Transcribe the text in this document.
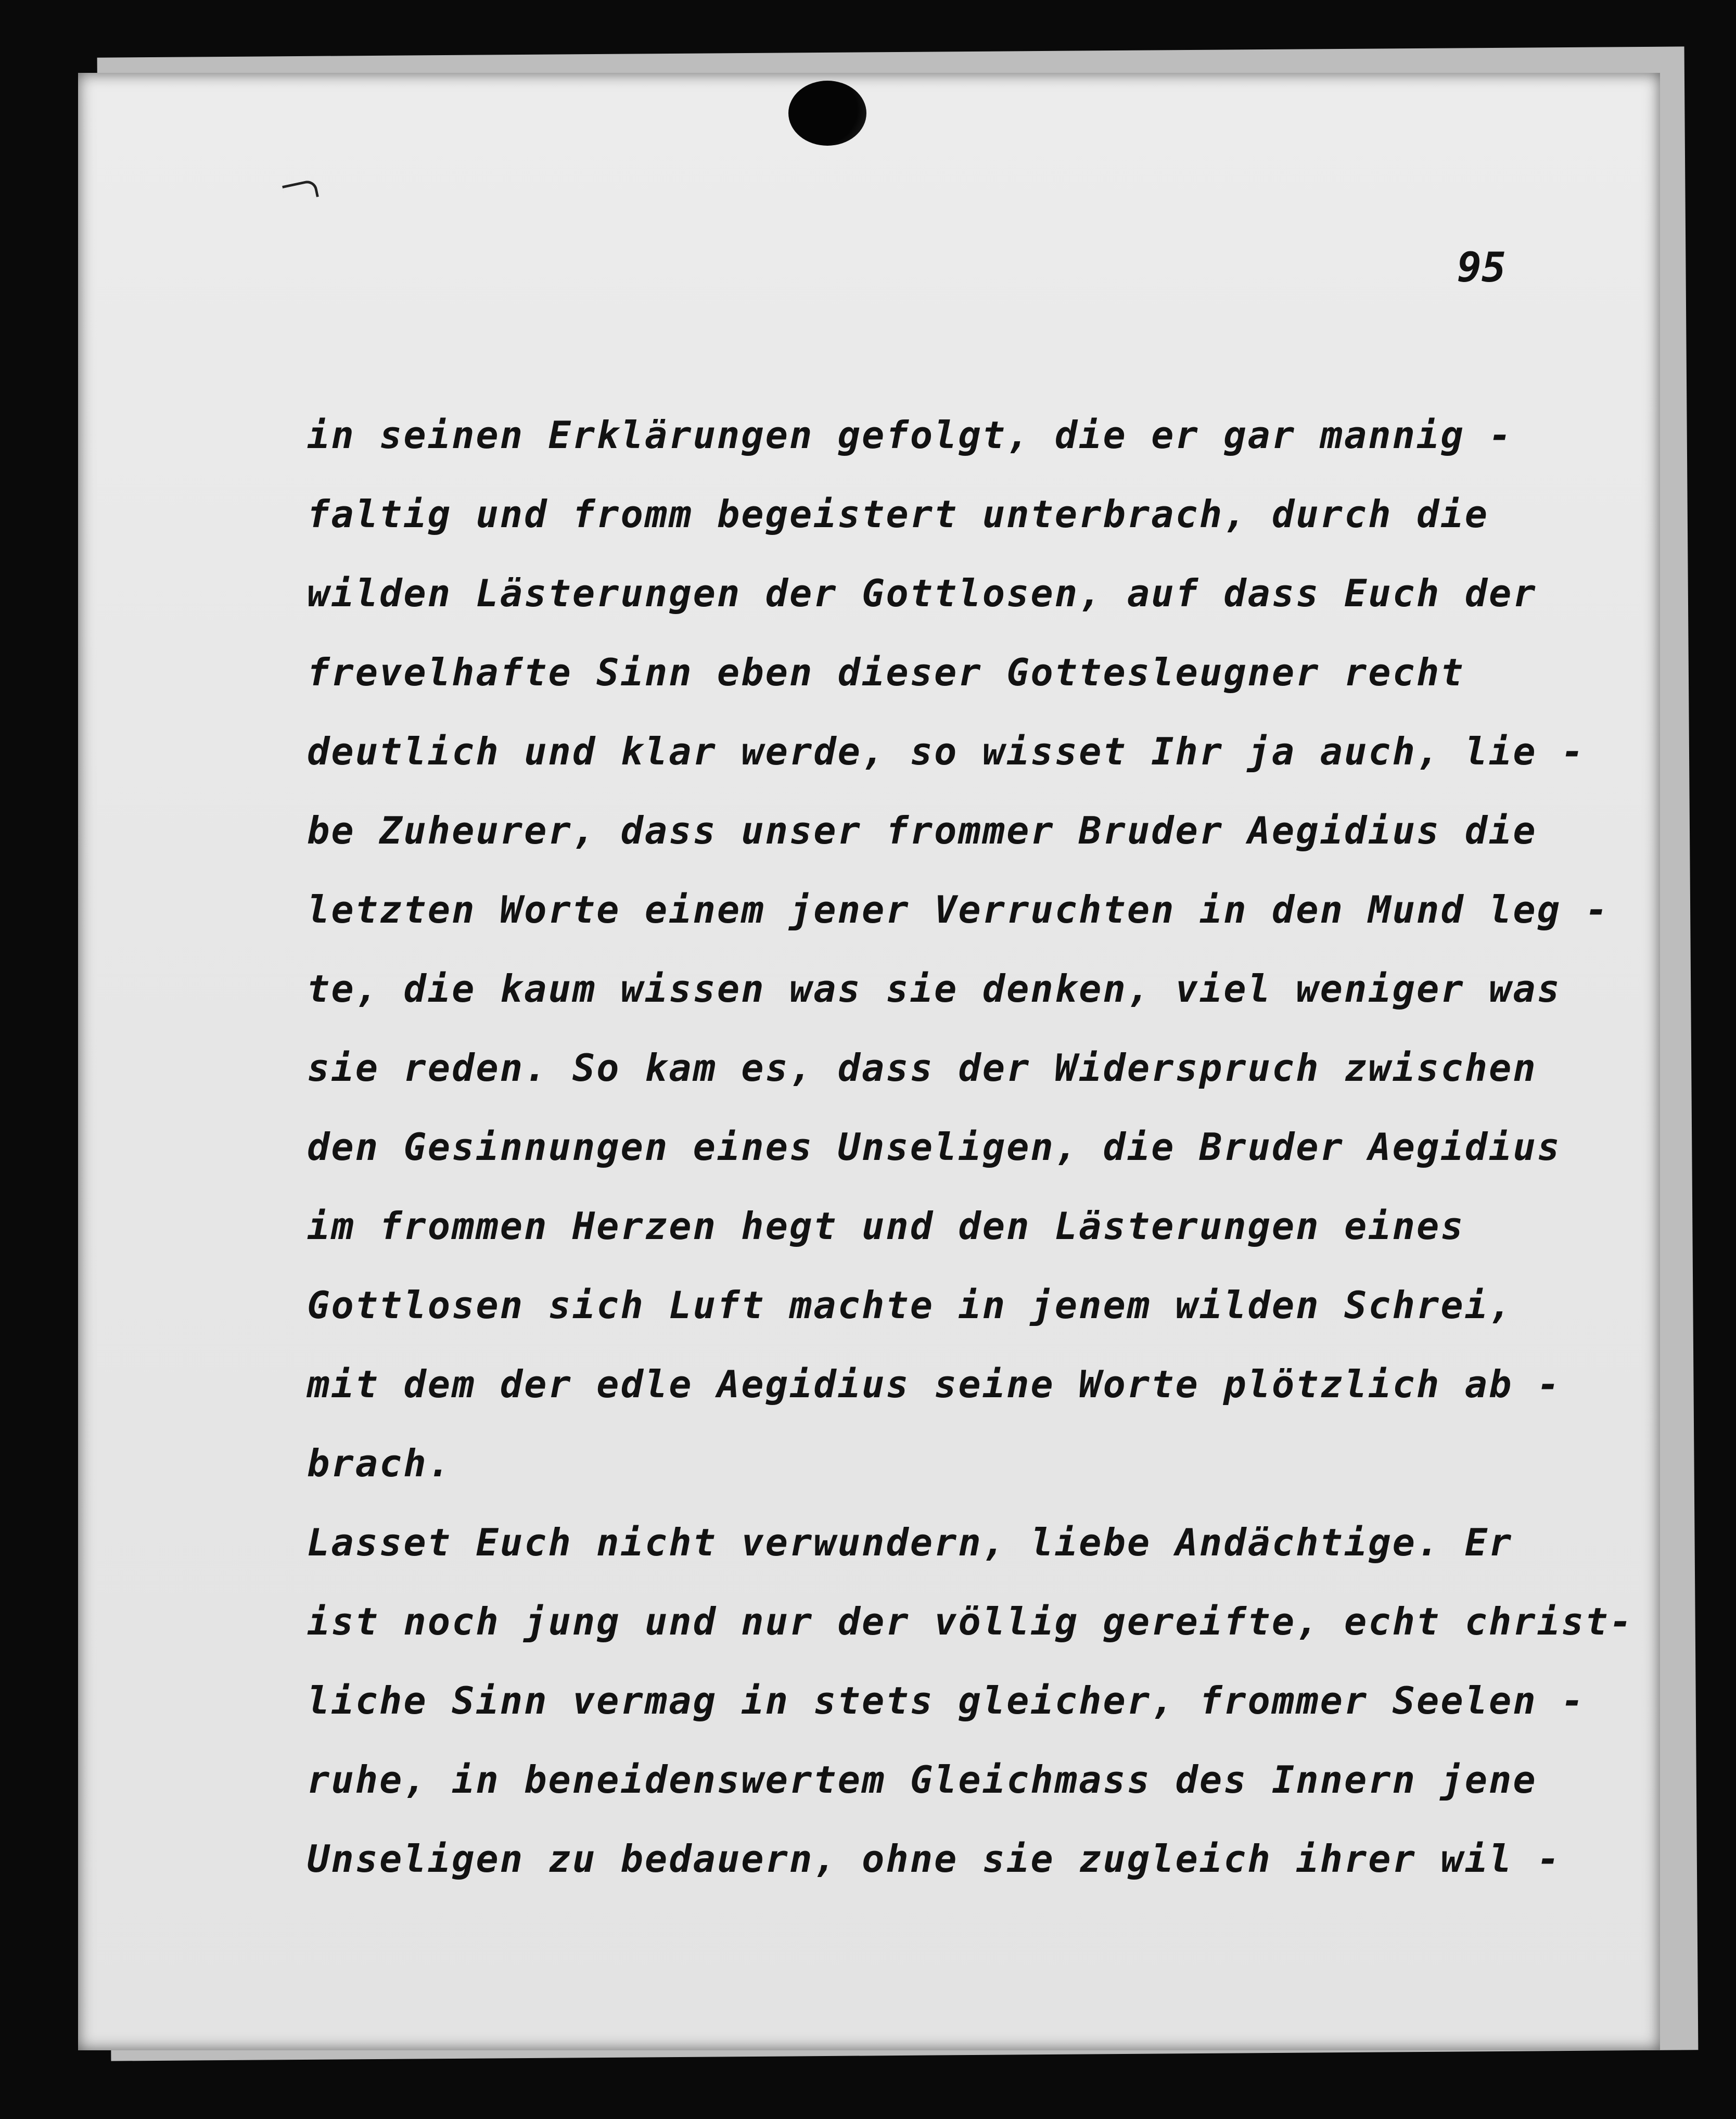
95
in seinen Erklärungen gefolgt, die er gar mannig -
faltig und fromm begeistert unterbrach, durch die
wilden Lästerungen der Gottlosen, auf dass Euch der
frevelhafte Sinn eben dieser Gottesleugner recht
deutlich und klar werde, so wisset Ihr ja auch, lie -
be Zuheurer, dass unser frommer Bruder Aegidius die
letzten Worte einem jener Verruchten in den Mund leg -
te, die kaum wissen was sie denken, viel weniger was
sie reden. So kam es, dass der Widerspruch zwischen
den Gesinnungen eines Unseligen, die Bruder Aegidius
im frommen Herzen hegt und den Lästerungen eines
Gottlosen sich Luft machte in jenem wilden Schrei,
mit dem der edle Aegidius seine Worte plötzlich ab -
brach.
Lasset Euch nicht verwundern, liebe Andächtige. Er
ist noch jung und nur der völlig gereifte, echt christ-
liche Sinn vermag in stets gleicher, frommer Seelen -
ruhe, in beneidenswertem Gleichmass des Innern jene
Unseligen zu bedauern, ohne sie zugleich ihrer wil -
